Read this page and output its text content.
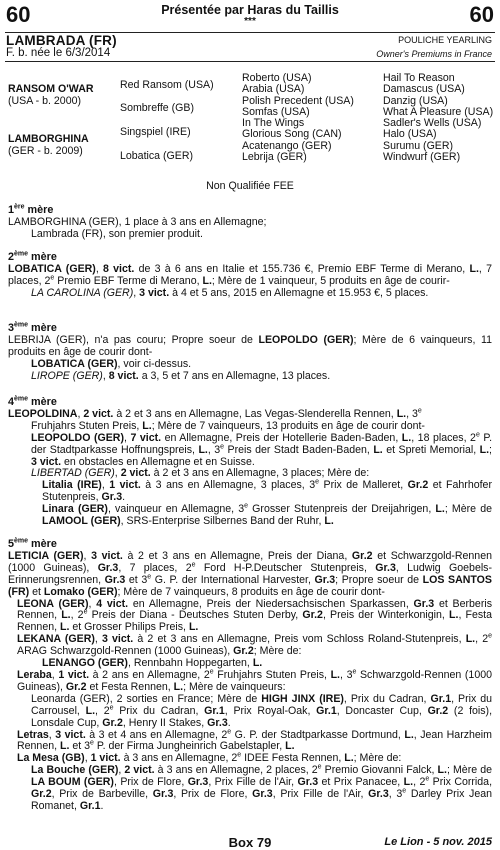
60	60
Présentée par Haras du Taillis
***
LAMBRADA (FR)
F. b. née le 6/3/2014
POULICHE YEARLING
Owner's Premiums in France
RANSOM O'WAR
(USA - b. 2000)
LAMBORGHINA
(GER - b. 2009)
Red Ransom (USA)
Sombreffe (GB)
Singspiel (IRE)
Lobatica (GER)
Roberto (USA)
Arabia (USA)
Polish Precedent (USA)
Somfas (USA)
In The Wings
Glorious Song (CAN)
Acatenango (GER)
Lebrija (GER)
Hail To Reason
Damascus (USA)
Danzig (USA)
What A Pleasure (USA)
Sadler's Wells (USA)
Halo (USA)
Surumu (GER)
Windwurf (GER)
Non Qualifiée FEE

1ère mère

LAMBORGHINA (GER), 1 place à 3 ans en Allemagne;

Lambrada (FR), son premier produit.

2ème mère

LOBATICA (GER), 8 vict. de 3 à 6 ans en Italie et 155.736 €, Premio EBF Terme di Merano, L., 7 places, 2e Premio EBF Terme di Merano, L.; Mère de 1 vainqueur, 5 produits en âge de courir-

LA CAROLINA (GER), 3 vict. à 4 et 5 ans, 2015 en Allemagne et 15.953 €, 5 places.

3ème mère

LEBRIJA (GER), n'a pas couru; Propre soeur de LEOPOLDO (GER); Mère de 6 vainqueurs, 11 produits en âge de courir dont-

LOBATICA (GER), voir ci-dessus.

LIROPE (GER), 8 vict. a 3, 5 et 7 ans en Allemagne, 13 places.

4ème mère

LEOPOLDINA, 2 vict. à 2 et 3 ans en Allemagne, Las Vegas-Slenderella Rennen, L., 3e

Fruhjahrs Stuten Preis, L.; Mère de 7 vainqueurs, 13 produits en âge de courir dont-

LEOPOLDO (GER), 7 vict. en Allemagne, Preis der Hotellerie Baden-Baden, L., 18 places, 2e P. der Stadtparkasse Hoffnungspreis, L., 3e Preis der Stadt Baden-Baden, L. et Spreti Memorial, L.; 3 vict. en obstacles en Allemagne et en Suisse.

LIBERTAD (GER), 2 vict. à 2 et 3 ans en Allemagne, 3 places; Mère de:

Litalia (IRE), 1 vict. à 3 ans en Allemagne, 3 places, 3e Prix de Malleret, Gr.2 et Fahrhofer Stutenpreis, Gr.3.

Linara (GER), vainqueur en Allemagne, 3e Grosser Stutenpreis der Dreijahrigen, L.; Mère de LAMOOL (GER), SRS-Enterprise Silbernes Band der Ruhr, L.

5ème mère

LETICIA (GER), 3 vict. à 2 et 3 ans en Allemagne, Preis der Diana, Gr.2 et Schwarzgold-Rennen (1000 Guineas), Gr.3, 7 places, 2e Ford H-P.Deutscher Stutenpreis, Gr.3, Ludwig Goebels-Erinnerungsrennen, Gr.3 et 3e G. P. der International Harvester, Gr.3; Propre soeur de LOS SANTOS (FR) et Lomako (GER); Mère de 7 vainqueurs, 8 produits en âge de courir dont-

LEONA (GER), 4 vict. en Allemagne, Preis der Niedersachsischen Sparkassen, Gr.3 et Berberis Rennen, L., 2e Preis der Diana - Deutsches Stuten Derby, Gr.2, Preis der Winterkonigin, L., Festa Rennen, L. et Grosser Philips Preis, L.

LEKANA (GER), 3 vict. à 2 et 3 ans en Allemagne, Preis vom Schloss Roland-Stutenpreis, L., 2e ARAG Schwarzgold-Rennen (1000 Guineas), Gr.2; Mère de:

LENANGO (GER), Rennbahn Hoppegarten, L.

Leraba, 1 vict. à 2 ans en Allemagne, 2e Fruhjahrs Stuten Preis, L., 3e Schwarzgold-Rennen (1000 Guineas), Gr.2 et Festa Rennen, L.; Mère de vainqueurs:

Leonarda (GER), 2 sorties en France; Mère de HIGH JINX (IRE), Prix du Cadran, Gr.1, Prix du Carrousel, L., 2e Prix du Cadran, Gr.1, Prix Royal-Oak, Gr.1, Doncaster Cup, Gr.2 (2 fois), Lonsdale Cup, Gr.2, Henry II Stakes, Gr.3.

Letras, 3 vict. à 3 et 4 ans en Allemagne, 2e G. P. der Stadtparkasse Dortmund, L., Jean Harzheim Rennen, L. et 3e P. der Firma Jungheinrich Gabelstapler, L.

La Mesa (GB), 1 vict. à 3 ans en Allemagne, 2e IDEE Festa Rennen, L.; Mère de:

La Bouche (GER), 2 vict. à 3 ans en Allemagne, 2 places, 2e Premio Giovanni Falck, L.; Mère de LA BOUM (GER), Prix de Flore, Gr.3, Prix Fille de l'Air, Gr.3 et Prix Panacee, L., 2e Prix Corrida, Gr.2, Prix de Barbeville, Gr.3, Prix de Flore, Gr.3, Prix Fille de l'Air, Gr.3, 3e Darley Prix Jean Romanet, Gr.1.

Box 79	Le Lion - 5 nov. 2015
